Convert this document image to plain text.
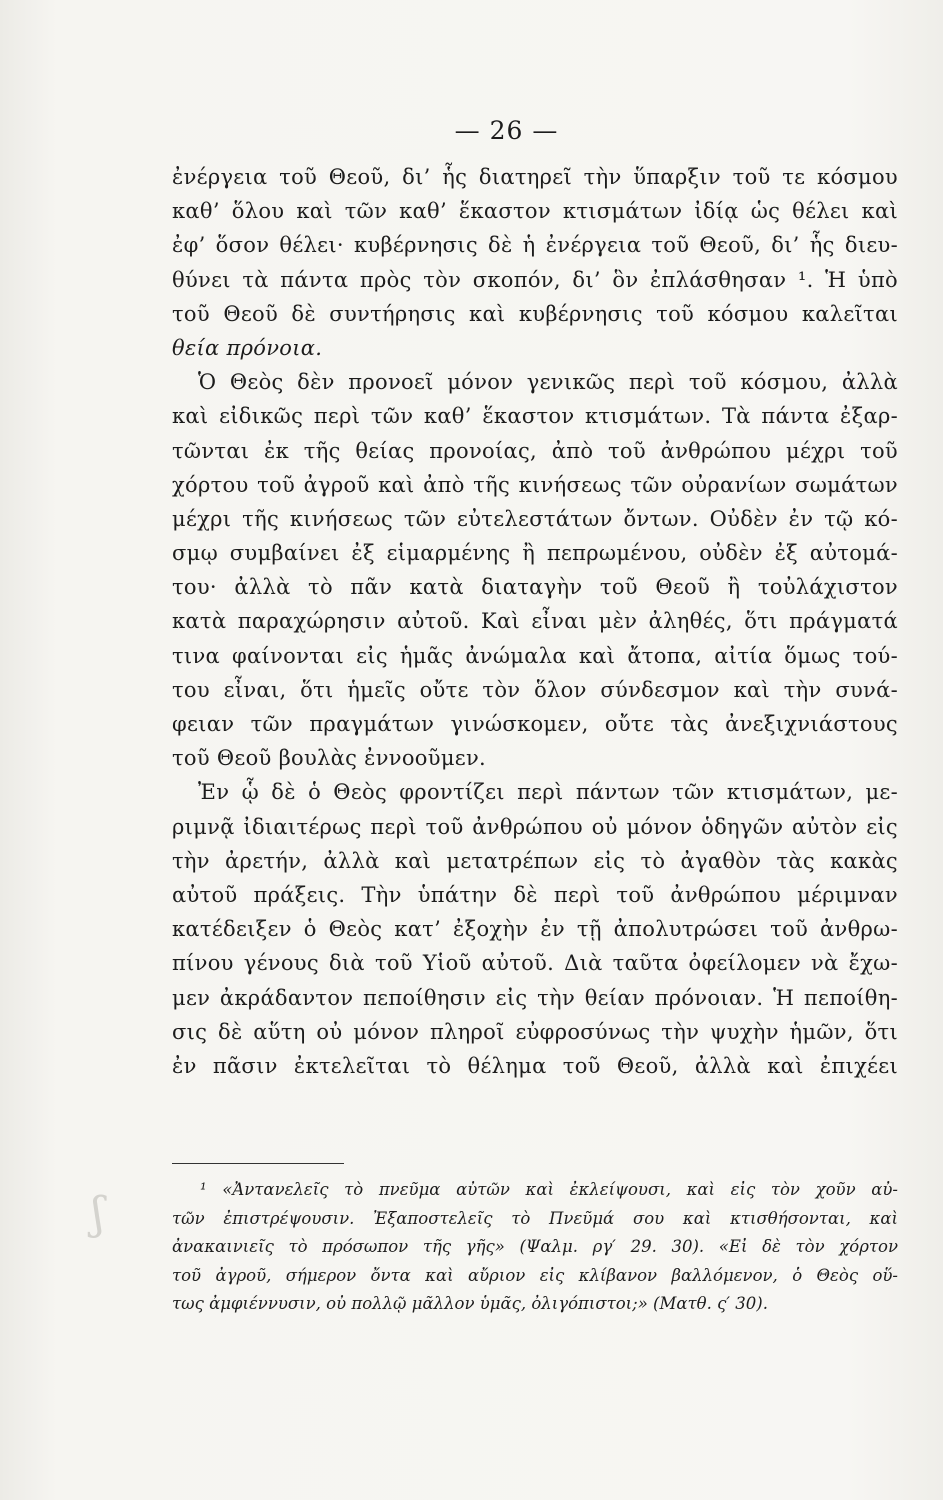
— 26 —
ἐνέργεια τοῦ Θεοῦ, δι’ ἧς διατηρεῖ τὴν ὕπαρξιν τοῦ τε κόσμου
καθ’ ὅλου καὶ τῶν καθ’ ἕκαστον κτισμάτων ἰδίᾳ ὡς θέλει καὶ
ἐφ’ ὅσον θέλει· κυβέρνησις δὲ ἡ ἐνέργεια τοῦ Θεοῦ, δι’ ἧς διευ-
θύνει τὰ πάντα πρὸς τὸν σκοπόν, δι’ ὃν ἐπλάσθησαν ¹. Ἡ ὑπὸ
τοῦ Θεοῦ δὲ συντήρησις καὶ κυβέρνησις τοῦ κόσμου καλεῖται
θεία πρόνοια.
Ὁ Θεὸς δὲν προνοεῖ μόνον γενικῶς περὶ τοῦ κόσμου, ἀλλὰ
καὶ εἰδικῶς περὶ τῶν καθ’ ἕκαστον κτισμάτων. Τὰ πάντα ἐξαρ-
τῶνται ἐκ τῆς θείας προνοίας, ἀπὸ τοῦ ἀνθρώπου μέχρι τοῦ
χόρτου τοῦ ἀγροῦ καὶ ἀπὸ τῆς κινήσεως τῶν οὐρανίων σωμάτων
μέχρι τῆς κινήσεως τῶν εὐτελεστάτων ὄντων. Οὐδὲν ἐν τῷ κό-
σμῳ συμβαίνει ἐξ εἱμαρμένης ἢ πεπρωμένου, οὐδὲν ἐξ αὐτομά-
του· ἀλλὰ τὸ πᾶν κατὰ διαταγὴν τοῦ Θεοῦ ἢ τοὐλάχιστον
κατὰ παραχώρησιν αὐτοῦ. Καὶ εἶναι μὲν ἀληθές, ὅτι πράγματά
τινα φαίνονται εἰς ἡμᾶς ἀνώμαλα καὶ ἄτοπα, αἰτία ὅμως τού-
του εἶναι, ὅτι ἡμεῖς οὔτε τὸν ὅλον σύνδεσμον καὶ τὴν συνά-
φειαν τῶν πραγμάτων γινώσκομεν, οὔτε τὰς ἀνεξιχνιάστους
τοῦ Θεοῦ βουλὰς ἐννοοῦμεν.
Ἐν ᾧ δὲ ὁ Θεὸς φροντίζει περὶ πάντων τῶν κτισμάτων, με-
ριμνᾷ ἰδιαιτέρως περὶ τοῦ ἀνθρώπου οὐ μόνον ὁδηγῶν αὐτὸν εἰς
τὴν ἀρετήν, ἀλλὰ καὶ μετατρέπων εἰς τὸ ἀγαθὸν τὰς κακὰς
αὐτοῦ πράξεις. Τὴν ὑπάτην δὲ περὶ τοῦ ἀνθρώπου μέριμναν
κατέδειξεν ὁ Θεὸς κατ’ ἐξοχὴν ἐν τῇ ἀπολυτρώσει τοῦ ἀνθρω-
πίνου γένους διὰ τοῦ Υἱοῦ αὐτοῦ. Διὰ ταῦτα ὀφείλομεν νὰ ἔχω-
μεν ἀκράδαντον πεποίθησιν εἰς τὴν θείαν πρόνοιαν. Ἡ πεποίθη-
σις δὲ αὕτη οὐ μόνον πληροῖ εὐφροσύνως τὴν ψυχὴν ἡμῶν, ὅτι
ἐν πᾶσιν ἐκτελεῖται τὸ θέλημα τοῦ Θεοῦ, ἀλλὰ καὶ ἐπιχέει
¹ «Ἀντανελεῖς τὸ πνεῦμα αὐτῶν καὶ ἐκλείψουσι, καὶ εἰς τὸν χοῦν αὐ-
τῶν ἐπιστρέψουσιν. Ἐξαποστελεῖς τὸ Πνεῦμά σου καὶ κτισθήσονται, καὶ
ἀνακαινιεῖς τὸ πρόσωπον τῆς γῆς» (Ψαλμ. ργ′ 29. 30). «Εἰ δὲ τὸν χόρτον
τοῦ ἀγροῦ, σήμερον ὄντα καὶ αὔριον εἰς κλίβανον βαλλόμενον, ὁ Θεὸς οὕ-
τως ἀμφιέννυσιν, οὐ πολλῷ μᾶλλον ὑμᾶς, ὀλιγόπιστοι;» (Ματθ. ς′ 30).
ʃ
